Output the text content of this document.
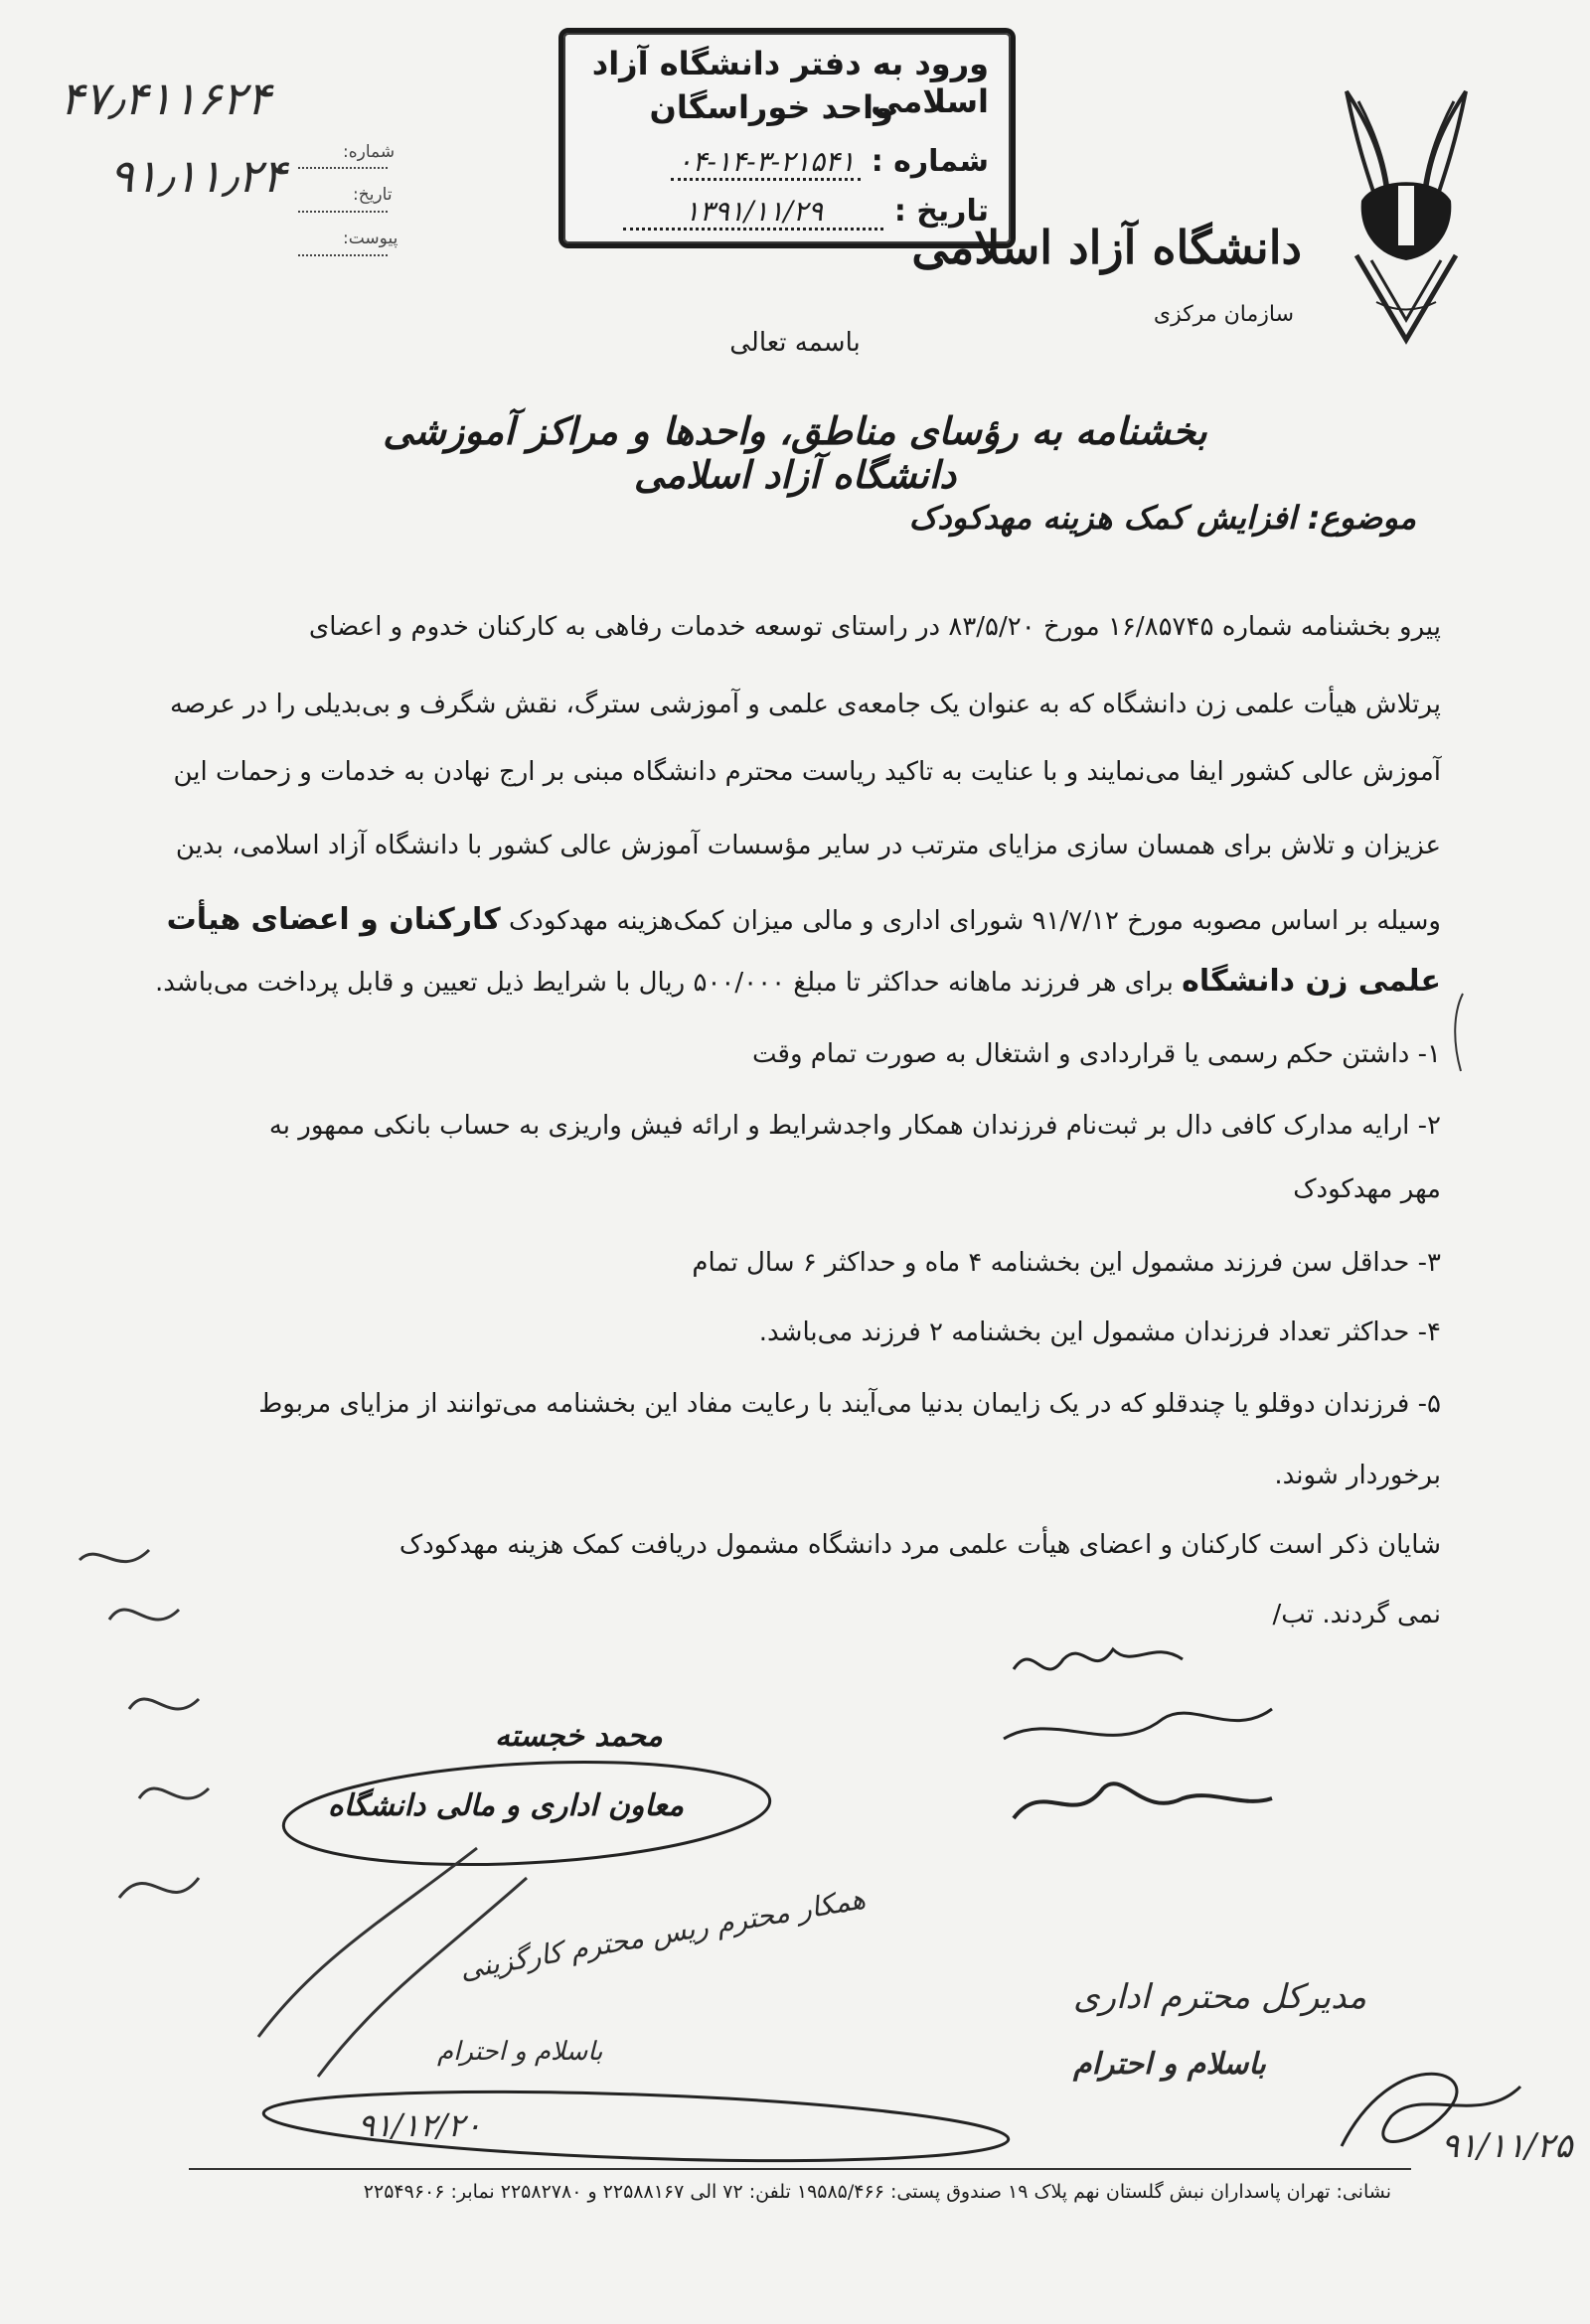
۴۷٫۴۱۱۶۲۴
۹۱٫۱۱٫۲۴	شماره:
تاریخ:
پیوست:
ورود به دفتر دانشگاه آزاد اسلامی
واحد خوراسگان
شماره : ۰۴-۱۴-۳-۲۱۵۴۱
تاریخ : ۱۳۹۱/۱۱/۲۹
دانشگاه آزاد اسلامی
سازمان مرکزی
باسمه تعالی
بخشنامه به رؤسای مناطق، واحدها و مراکز آموزشی دانشگاه آزاد اسلامی
موضوع: افزایش کمک هزینه مهدکودک
پیرو بخشنامه شماره ۱۶/۸۵۷۴۵ مورخ ۸۳/۵/۲۰ در راستای توسعه خدمات رفاهی به کارکنان خدوم و اعضای
پرتلاش هیأت علمی زن دانشگاه که به عنوان یک جامعه‌ی علمی و آموزشی سترگ، نقش شگرف و بی‌بدیلی را در عرصه
آموزش عالی کشور ایفا می‌نمایند و با عنایت به تاکید ریاست محترم دانشگاه مبنی بر ارج نهادن به خدمات و زحمات این
عزیزان و تلاش برای همسان سازی مزایای مترتب در سایر مؤسسات آموزش عالی کشور با دانشگاه آزاد اسلامی، بدین
وسیله بر اساس مصوبه مورخ ۹۱/۷/۱۲ شورای اداری و مالی میزان کمک‌هزینه مهدکودک کارکنان و اعضای هیأت
علمی زن دانشگاه برای هر فرزند ماهانه حداکثر تا مبلغ ۵۰۰/۰۰۰ ریال با شرایط ذیل تعیین و قابل پرداخت می‌باشد.
۱- داشتن حکم رسمی یا قراردادی و اشتغال به صورت تمام وقت
۲- ارایه مدارک کافی دال بر ثبت‌نام فرزندان همکار واجدشرایط و ارائه فیش واریزی به حساب بانکی ممهور به
مهر مهدکودک
۳- حداقل سن فرزند مشمول این بخشنامه ۴ ماه و حداکثر ۶ سال تمام
۴- حداکثر تعداد فرزندان مشمول این بخشنامه ۲ فرزند می‌باشد.
۵- فرزندان دوقلو یا چندقلو که در یک زایمان بدنیا می‌آیند با رعایت مفاد این بخشنامه می‌توانند از مزایای مربوط
برخوردار شوند.
شایان ذکر است کارکنان و اعضای هیأت علمی مرد دانشگاه مشمول دریافت کمک هزینه مهدکودک
نمی گردند. تب/
محمد خجسته
معاون اداری و مالی دانشگاه
مدیرکل محترم اداری
باسلام و احترام
همکار محترم ریس محترم کارگزینی
باسلام و احترام
۹۱/۱۲/۲۰
۹۱/۱۱/۲۵
نشانی: تهران پاسداران نبش گلستان نهم پلاک ۱۹ صندوق پستی: ۱۹۵۸۵/۴۶۶ تلفن: ۷۲ الی ۲۲۵۸۸۱۶۷ و ۲۲۵۸۲۷۸۰ نمابر: ۲۲۵۴۹۶۰۶
